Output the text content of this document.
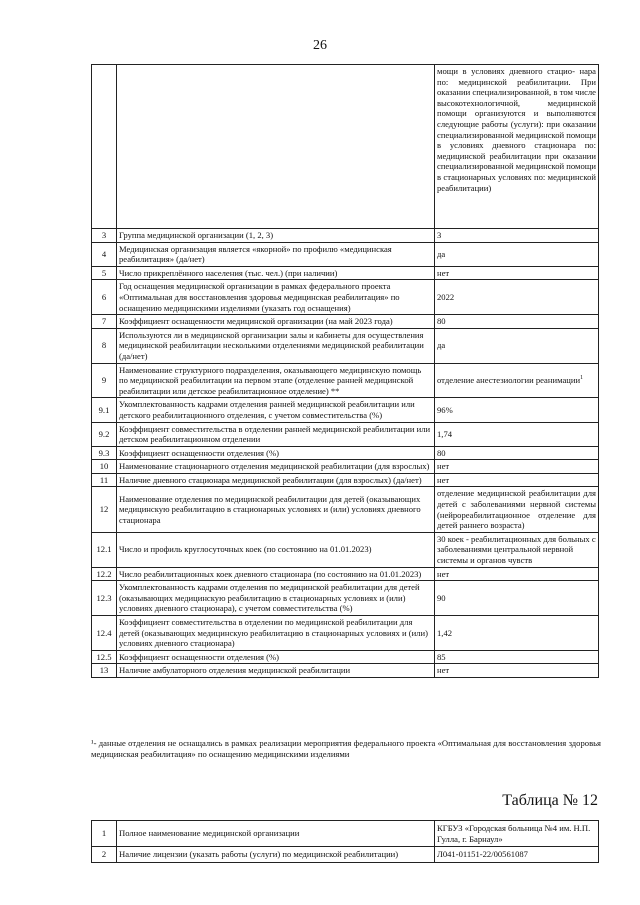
26
		мощи в условиях дневного стацио- нара по: медицинской реабилитации. При оказании специализированной, в том числе высокотехнологичной, медицинской помощи организуются и выполняются следующие работы (услуги): при оказании специализированной медицинской помощи в условиях дневного стационара по: медицинской реабилитации при оказании специализированной медицинской помощи в стационарных условиях по: медицинской реабилитации)
3	Группа медицинской организации (1, 2, 3)	3
4	Медицинская организация является «якорной» по профилю «медицинская реабилитация» (да/нет)	да
5	Число прикреплённого населения (тыс. чел.) (при наличии)	нет
6	Год оснащения медицинской организации в рамках федерального проекта «Оптимальная для восстановления здоровья медицинская реабилитация» по оснащению медицинскими изделиями (указать год оснащения)	2022
7	Коэффициент оснащенности медицинской организации (на май 2023 года)	80
8	Используются ли в медицинской организации залы и кабинеты для осуществления медицинской реабилитации несколькими отделениями медицинской реабилитации (да/нет)	да
9	Наименование структурного подразделения, оказывающего медицинскую помощь по медицинской реабилитации на первом этапе (отделение ранней медицинской реабилитации или детское реабилитационное отделение) **	отделение анестезиологии реанимации$^1$
9.1	Укомплектованность кадрами отделения ранней медицинской реабилитации или детского реабилитационного отделения, с учетом совместительства (%)	96%
9.2	Коэффициент совместительства в отделении ранней медицинской реабилитации или детском реабилитационном отделении	1,74
9.3	Коэффициент оснащенности отделения (%)	80
10	Наименование стационарного отделения медицинской реабилитации (для взрослых)	нет
11	Наличие дневного стационара медицинской реабилитации (для взрослых) (да/нет)	нет
12	Наименование отделения по медицинской реабилитации для детей (оказывающих медицинскую реабилитацию в стационарных условиях и (или) условиях дневного стационара	отделение медицинской реабилитации для детей с заболеваниями нервной системы (нейрореабилитационное отделение для детей раннего возраста)
12.1	Число и профиль круглосуточных коек (по состоянию на 01.01.2023)	30 коек - реабилитационных для больных с заболеваниями центральной нервной системы и органов чувств
12.2	Число реабилитационных коек дневного стационара (по состоянию на 01.01.2023)	нет
12.3	Укомплектованность кадрами отделения по медицинской реабилитации для детей (оказывающих медицинскую реабилитацию в стационарных условиях и (или) условиях дневного стационара), с учетом совместительства (%)	90
12.4	Коэффициент совместительства в отделении по медицинской реабилитации для детей (оказывающих медицинскую реабилитацию в стационарных условиях и (или) условиях дневного стационара)	1,42
12.5	Коэффициент оснащенности отделения (%)	85
13	Наличие амбулаторного отделения медицинской реабилитации	нет
¹- данные отделения не оснащались в рамках реализации мероприятия федерального проекта «Оптимальная для восстановления здоровья медицинская реабилитация» по оснащению медицинскими изделиями
Таблица № 12
1	Полное наименование медицинской организации	КГБУЗ «Городская больница №4 им. Н.П. Гулла, г. Барнаул»
2	Наличие лицензии (указать работы (услуги) по медицинской реабилитации)	Л041-01151-22/00561087
